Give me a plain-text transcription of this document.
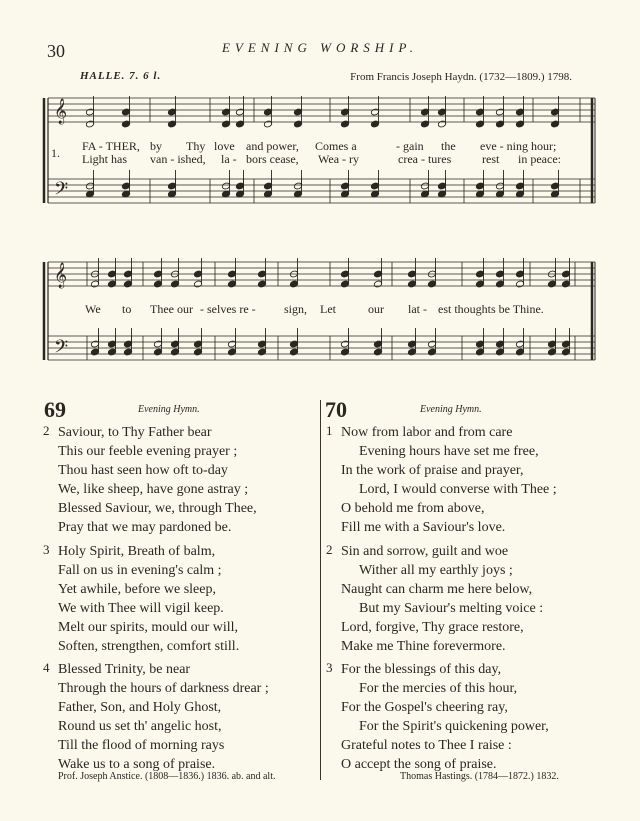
30	EVENING WORSHIP.
HALLE. 7. 6 l.	From Francis Joseph Haydn. (1732—1809.) 1798.
𝄞
𝄢
𝄞
𝄢
1. FA - THER, by Thy love and power, Comes a	- gain the eve - ning hour;
Light has van - ished, la - bors cease, Wea - ry	crea - tures	rest in peace:
We to Thee our - selves re - sign, Let	our lat - est thoughts be Thine.
69	Evening Hymn.	70	Evening Hymn.
2 Saviour, to Thy Father bear
This our feeble evening prayer ;
Thou hast seen how oft to-day
We, like sheep, have gone astray ;
Blessed Saviour, we, through Thee,
Pray that we may pardoned be.
3 Holy Spirit, Breath of balm,
Fall on us in evening's calm ;
Yet awhile, before we sleep,
We with Thee will vigil keep.
Melt our spirits, mould our will,
Soften, strengthen, comfort still.
4 Blessed Trinity, be near
Through the hours of darkness drear ;
Father, Son, and Holy Ghost,
Round us set th' angelic host,
Till the flood of morning rays
Wake us to a song of praise.
Prof. Joseph Anstice. (1808—1836.) 1836. ab. and alt.
1 Now from labor and from care
Evening hours have set me free,
In the work of praise and prayer,
Lord, I would converse with Thee ;
O behold me from above,
Fill me with a Saviour's love.
2 Sin and sorrow, guilt and woe
Wither all my earthly joys ;
Naught can charm me here below,
But my Saviour's melting voice :
Lord, forgive, Thy grace restore,
Make me Thine forevermore.
3 For the blessings of this day,
For the mercies of this hour,
For the Gospel's cheering ray,
For the Spirit's quickening power,
Grateful notes to Thee I raise :
O accept the song of praise.
Thomas Hastings. (1784—1872.) 1832.
